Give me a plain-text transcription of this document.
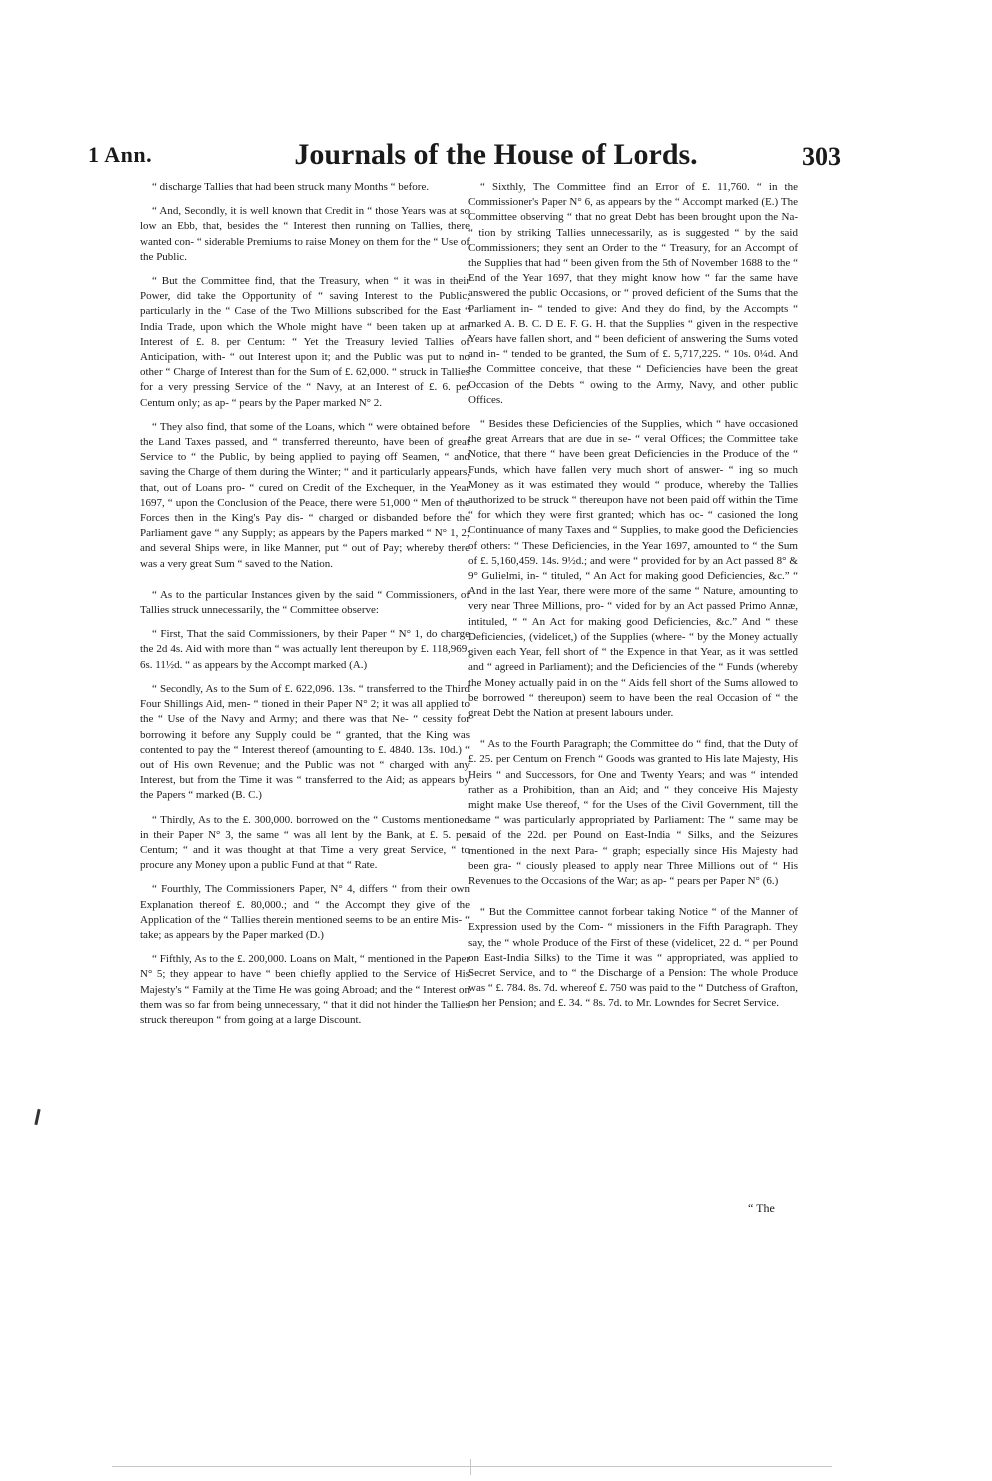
1 Ann.	Journals of the House of Lords.	303

“ discharge Tallies that had been struck many Months “ before.

“ And, Secondly, it is well known that Credit in “ those Years was at so low an Ebb, that, besides the “ Interest then running on Tallies, there wanted con- “ siderable Premiums to raise Money on them for the “ Use of the Public.

“ But the Committee find, that the Treasury, when “ it was in their Power, did take the Opportunity of “ saving Interest to the Public, particularly in the “ Case of the Two Millions subscribed for the East “ India Trade, upon which the Whole might have “ been taken up at an Interest of £. 8. per Centum: “ Yet the Treasury levied Tallies of Anticipation, with- “ out Interest upon it; and the Public was put to no other “ Charge of Interest than for the Sum of £. 62,000. “ struck in Tallies for a very pressing Service of the “ Navy, at an Interest of £. 6. per Centum only; as ap- “ pears by the Paper marked N° 2.

“ They also find, that some of the Loans, which “ were obtained before the Land Taxes passed, and “ transferred thereunto, have been of great Service to “ the Public, by being applied to paying off Seamen, “ and saving the Charge of them during the Winter; “ and it particularly appears, that, out of Loans pro- “ cured on Credit of the Exchequer, in the Year 1697, “ upon the Conclusion of the Peace, there were 51,000 “ Men of the Forces then in the King's Pay dis- “ charged or disbanded before the Parliament gave “ any Supply; as appears by the Papers marked “ N° 1, 2; and several Ships were, in like Manner, put “ out of Pay; whereby there was a very great Sum “ saved to the Nation.

“ As to the particular Instances given by the said “ Commissioners, of Tallies struck unnecessarily, the “ Committee observe:

“ First, That the said Commissioners, by their Paper “ N° 1, do charge the 2d 4s. Aid with more than “ was actually lent thereupon by £. 118,969. 6s. 11½d. “ as appears by the Accompt marked (A.)

“ Secondly, As to the Sum of £. 622,096. 13s. “ transferred to the Third Four Shillings Aid, men- “ tioned in their Paper N° 2; it was all applied to the “ Use of the Navy and Army; and there was that Ne- “ cessity for borrowing it before any Supply could be “ granted, that the King was contented to pay the “ Interest thereof (amounting to £. 4840. 13s. 10d.) “ out of His own Revenue; and the Public was not “ charged with any Interest, but from the Time it was “ transferred to the Aid; as appears by the Papers “ marked (B. C.)

“ Thirdly, As to the £. 300,000. borrowed on the “ Customs mentioned in their Paper N° 3, the same “ was all lent by the Bank, at £. 5. per Centum; “ and it was thought at that Time a very great Service, “ to procure any Money upon a public Fund at that “ Rate.

“ Fourthly, The Commissioners Paper, N° 4, differs “ from their own Explanation thereof £. 80,000.; and “ the Accompt they give of the Application of the “ Tallies therein mentioned seems to be an entire Mis- “ take; as appears by the Paper marked (D.)

“ Fifthly, As to the £. 200,000. Loans on Malt, “ mentioned in the Paper N° 5; they appear to have “ been chiefly applied to the Service of His Majesty's “ Family at the Time He was going Abroad; and the “ Interest on them was so far from being unnecessary, “ that it did not hinder the Tallies struck thereupon “ from going at a large Discount.

“ Sixthly, The Committee find an Error of £. 11,760. “ in the Commissioner's Paper N° 6, as appears by the “ Accompt marked (E.) The Committee observing “ that no great Debt has been brought upon the Na- “ tion by striking Tallies unnecessarily, as is suggested “ by the said Commissioners; they sent an Order to the “ Treasury, for an Accompt of the Supplies that had “ been given from the 5th of November 1688 to the “ End of the Year 1697, that they might know how “ far the same have answered the public Occasions, or “ proved deficient of the Sums that the Parliament in- “ tended to give: And they do find, by the Accompts “ marked A. B. C. D E. F. G. H. that the Supplies “ given in the respective Years have fallen short, and “ been deficient of answering the Sums voted and in- “ tended to be granted, the Sum of £. 5,717,225. “ 10s. 0¼d. And the Committee conceive, that these “ Deficiencies have been the great Occasion of the Debts “ owing to the Army, Navy, and other public Offices.

“ Besides these Deficiencies of the Supplies, which “ have occasioned the great Arrears that are due in se- “ veral Offices; the Committee take Notice, that there “ have been great Deficiencies in the Produce of the “ Funds, which have fallen very much short of answer- “ ing so much Money as it was estimated they would “ produce, whereby the Tallies authorized to be struck “ thereupon have not been paid off within the Time “ for which they were first granted; which has oc- “ casioned the long Continuance of many Taxes and “ Supplies, to make good the Deficiencies of others: “ These Deficiencies, in the Year 1697, amounted to “ the Sum of £. 5,160,459. 14s. 9½d.; and were “ provided for by an Act passed 8° & 9° Gulielmi, in- “ tituled, “ An Act for making good Deficiencies, &c.” “ And in the last Year, there were more of the same “ Nature, amounting to very near Three Millions, pro- “ vided for by an Act passed Primo Annæ, intituled, “ “ An Act for making good Deficiencies, &c.” And “ these Deficiencies, (videlicet,) of the Supplies (where- “ by the Money actually given each Year, fell short of “ the Expence in that Year, as it was settled and “ agreed in Parliament); and the Deficiencies of the “ Funds (whereby the Money actually paid in on the “ Aids fell short of the Sums allowed to be borrowed “ thereupon) seem to have been the real Occasion of “ the great Debt the Nation at present labours under.

“ As to the Fourth Paragraph; the Committee do “ find, that the Duty of £. 25. per Centum on French “ Goods was granted to His late Majesty, His Heirs “ and Successors, for One and Twenty Years; and was “ intended rather as a Prohibition, than an Aid; and “ they conceive His Majesty might make Use thereof, “ for the Uses of the Civil Government, till the same “ was particularly appropriated by Parliament: The “ same may be said of the 22d. per Pound on East-India “ Silks, and the Seizures mentioned in the next Para- “ graph; especially since His Majesty had been gra- “ ciously pleased to apply near Three Millions out of “ His Revenues to the Occasions of the War; as ap- “ pears per Paper N° (6.)

“ But the Committee cannot forbear taking Notice “ of the Manner of Expression used by the Com- “ missioners in the Fifth Paragraph. They say, the “ whole Produce of the First of these (videlicet, 22 d. “ per Pound on East-India Silks) to the Time it was “ appropriated, was applied to Secret Service, and to “ the Discharge of a Pension: The whole Produce was “ £. 784. 8s. 7d. whereof £. 750 was paid to the “ Dutchess of Grafton, on her Pension; and £. 34. “ 8s. 7d. to Mr. Lowndes for Secret Service.

“ The
